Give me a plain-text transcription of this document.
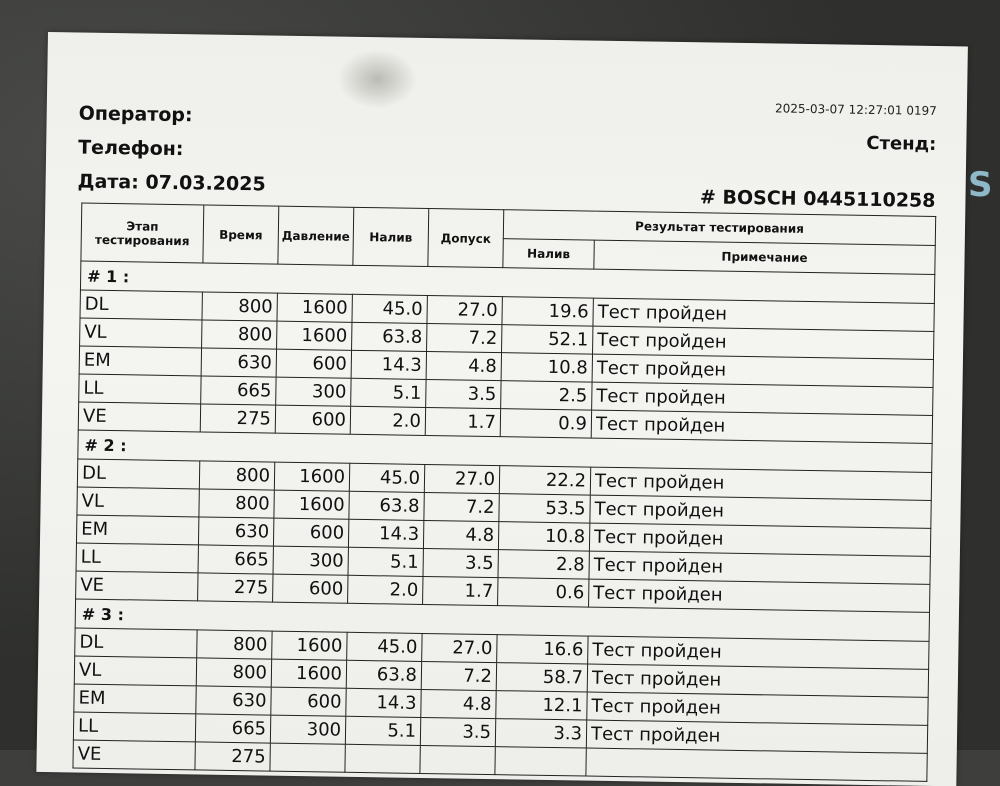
S
Оператор:
Телефон:
Дата: 07.03.2025
2025-03-07 12:27:01 0197
Стенд:
# BOSCH 0445110258
Этап тестирования	Время	Давление	Налив	Допуск	Результат тестирования	
					Налив	Примечание
# 1 :						
DL	800	1600	45.0	27.0	19.6	Тест пройден
VL	800	1600	63.8	7.2	52.1	Тест пройден
EM	630	600	14.3	4.8	10.8	Тест пройден
LL	665	300	5.1	3.5	2.5	Тест пройден
VE	275	600	2.0	1.7	0.9	Тест пройден
# 2 :						
DL	800	1600	45.0	27.0	22.2	Тест пройден
VL	800	1600	63.8	7.2	53.5	Тест пройден
EM	630	600	14.3	4.8	10.8	Тест пройден
LL	665	300	5.1	3.5	2.8	Тест пройден
VE	275	600	2.0	1.7	0.6	Тест пройден
# 3 :						
DL	800	1600	45.0	27.0	16.6	Тест пройден
VL	800	1600	63.8	7.2	58.7	Тест пройден
EM	630	600	14.3	4.8	12.1	Тест пройден
LL	665	300	5.1	3.5	3.3	Тест пройден
VE	275					
